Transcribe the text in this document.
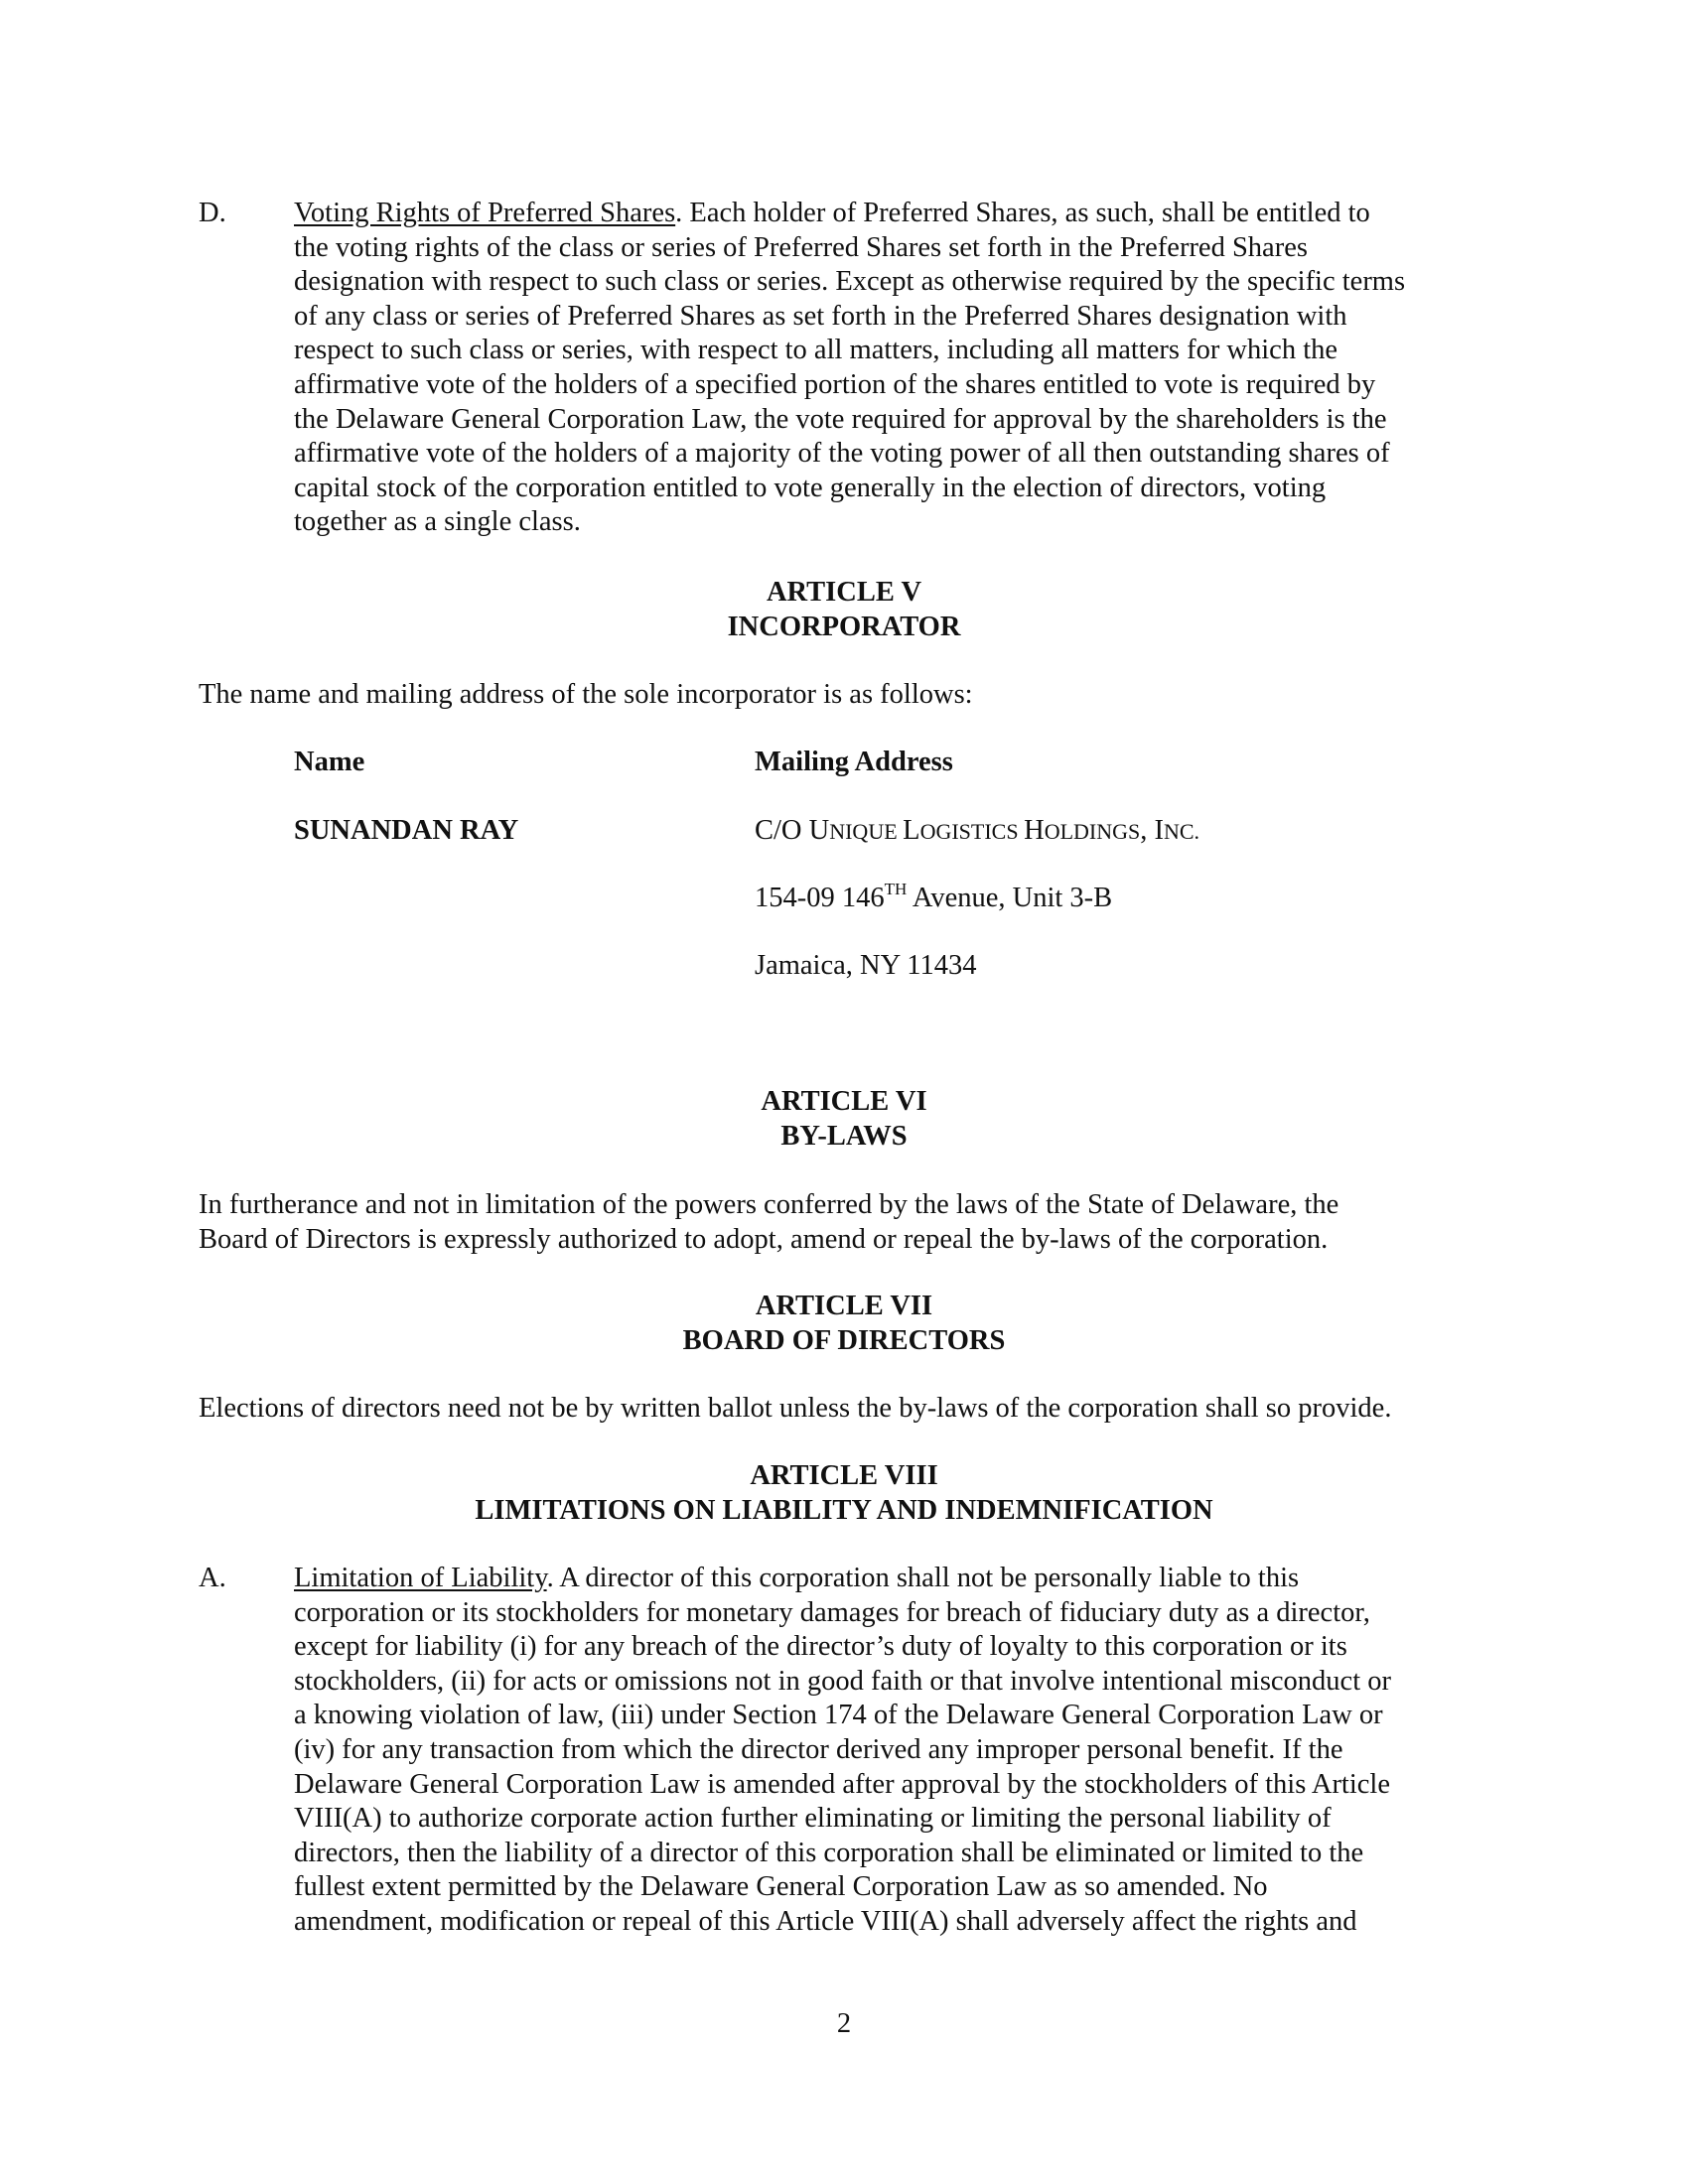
D.	Voting Rights of Preferred Shares. Each holder of Preferred Shares, as such, shall be entitled to
the voting rights of the class or series of Preferred Shares set forth in the Preferred Shares
designation with respect to such class or series. Except as otherwise required by the specific terms
of any class or series of Preferred Shares as set forth in the Preferred Shares designation with
respect to such class or series, with respect to all matters, including all matters for which the
affirmative vote of the holders of a specified portion of the shares entitled to vote is required by
the Delaware General Corporation Law, the vote required for approval by the shareholders is the
affirmative vote of the holders of a majority of the voting power of all then outstanding shares of
capital stock of the corporation entitled to vote generally in the election of directors, voting
together as a single class.
ARTICLE V
INCORPORATOR
The name and mailing address of the sole incorporator is as follows:
Name	Mailing Address
SUNANDAN RAY	C/O UNIQUE LOGISTICS HOLDINGS, INC.
154-09 146TH Avenue, Unit 3-B
Jamaica, NY 11434
ARTICLE VI
BY-LAWS
In furtherance and not in limitation of the powers conferred by the laws of the State of Delaware, the
Board of Directors is expressly authorized to adopt, amend or repeal the by-laws of the corporation.
ARTICLE VII
BOARD OF DIRECTORS
Elections of directors need not be by written ballot unless the by-laws of the corporation shall so provide.
ARTICLE VIII
LIMITATIONS ON LIABILITY AND INDEMNIFICATION
A.	Limitation of Liability. A director of this corporation shall not be personally liable to this
corporation or its stockholders for monetary damages for breach of fiduciary duty as a director,
except for liability (i) for any breach of the director’s duty of loyalty to this corporation or its
stockholders, (ii) for acts or omissions not in good faith or that involve intentional misconduct or
a knowing violation of law, (iii) under Section 174 of the Delaware General Corporation Law or
(iv) for any transaction from which the director derived any improper personal benefit. If the
Delaware General Corporation Law is amended after approval by the stockholders of this Article
VIII(A) to authorize corporate action further eliminating or limiting the personal liability of
directors, then the liability of a director of this corporation shall be eliminated or limited to the
fullest extent permitted by the Delaware General Corporation Law as so amended. No
amendment, modification or repeal of this Article VIII(A) shall adversely affect the rights and
2
